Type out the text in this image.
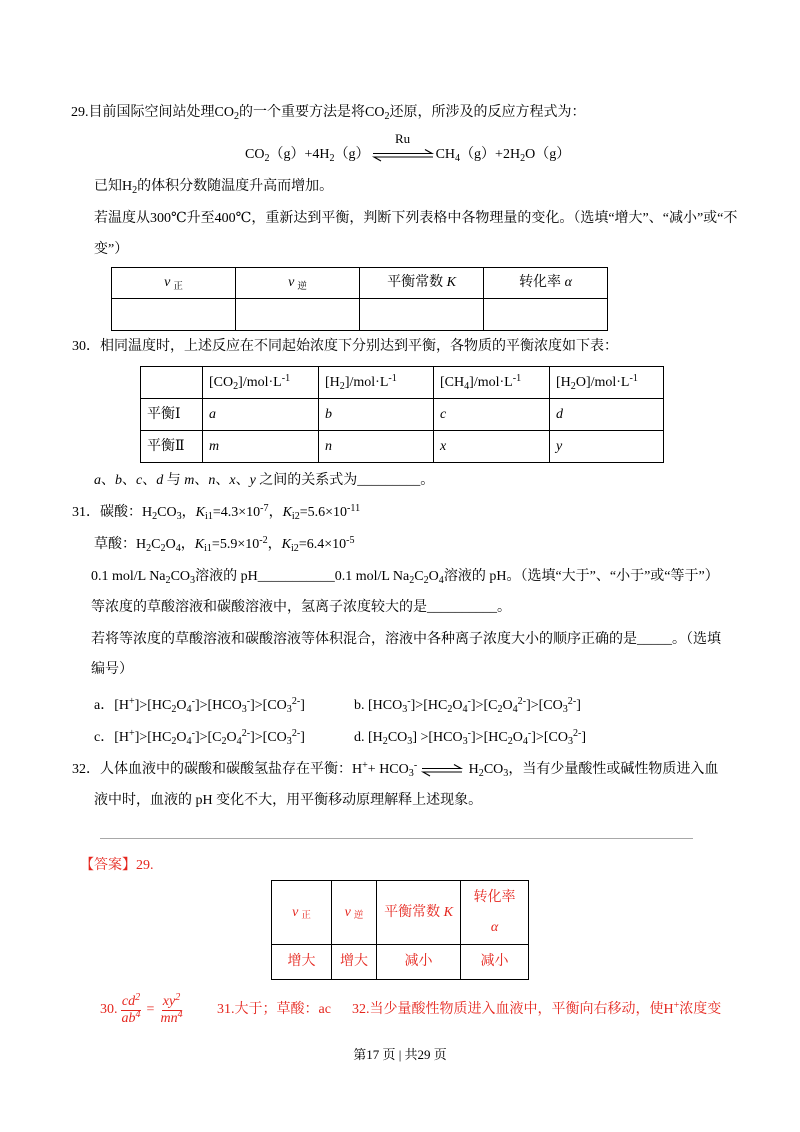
29.目前国际空间站处理$CO_2$的一个重要方法是将$CO_2$还原，所涉及的反应方程式为：
$CO_2(g)+4H_2(g)$
Ru
$CH_4(g)+2H_2O(g)$
已知$H_2$的体积分数随温度升高而增加。
若温度从300℃升至400℃，重新达到平衡，判断下列表格中各物理量的变化。（选填“增大”、“减小”或“不
变”）
v $_正$	v $_逆$	平衡常数 K	转化率 α

30．相同温度时，上述反应在不同起始浓度下分别达到平衡，各物质的平衡浓度如下表：
	$[CO_2]/mol\cdot L^{-1}$	$[H_2]/mol\cdot L^{-1}$	$[CH_4]/mol\cdot L^{-1}$	$[H_2O]/mol\cdot L^{-1}$
平衡Ⅰ	a	b	c	d
平衡Ⅱ	m	n	x	y
a、b、c、d 与 m、n、x、y 之间的关系式为_________。
31．碳酸：$H_2CO_3$，$K_{i1}=4.3\times 10^{-7}$，$K_{i2}=5.6\times 10^{-11}$
草酸：$H_2C_2O_4$，$K_{i1}=5.9\times 10^{-2}$，$K_{i2}=6.4\times 10^{-5}$
0.1 mol/L $Na_2CO_3$溶液的 pH___________0.1 mol/L $Na_2C_2O_4$溶液的 pH。（选填“大于”、“小于”或“等于”）
等浓度的草酸溶液和碳酸溶液中，氢离子浓度较大的是__________。
若将等浓度的草酸溶液和碳酸溶液等体积混合，溶液中各种离子浓度大小的顺序正确的是_____。（选填
编号）
a．$[H^+]>[HC_2O_4^-]>[HCO_3^-]>[CO_3^{2-}]$	b. $[HCO_3^-]>[HC_2O_4^-]>[C_2O_4^{2-}]>[CO_3^{2-}]$
c．$[H^+]>[HC_2O_4^-]>[C_2O_4^{2-}]>[CO_3^{2-}]$	d. $[H_2CO_3] >[HCO_3^-]>[HC_2O_4^-]>[CO_3^{2-}]$
32．人体血液中的碳酸和碳酸氢盐存在平衡：$H^++ HCO_3^-$ ⇌ $H_2CO_3$，当有少量酸性或碱性物质进入血
液中时，血液的 pH 变化不大，用平衡移动原理解释上述现象。
【答案】29.
v $_正$	v $_逆$	平衡常数 K	转化率
α

增大	增大	减小	减小
30. $\frac{cd^2}{ab^4} = \frac{xy^2}{mn^4} 31$.大于；草酸：ac 32.当少量酸性物质进入血液中，平衡向右移动，使H+浓度变
第17 页 | 共29 页
